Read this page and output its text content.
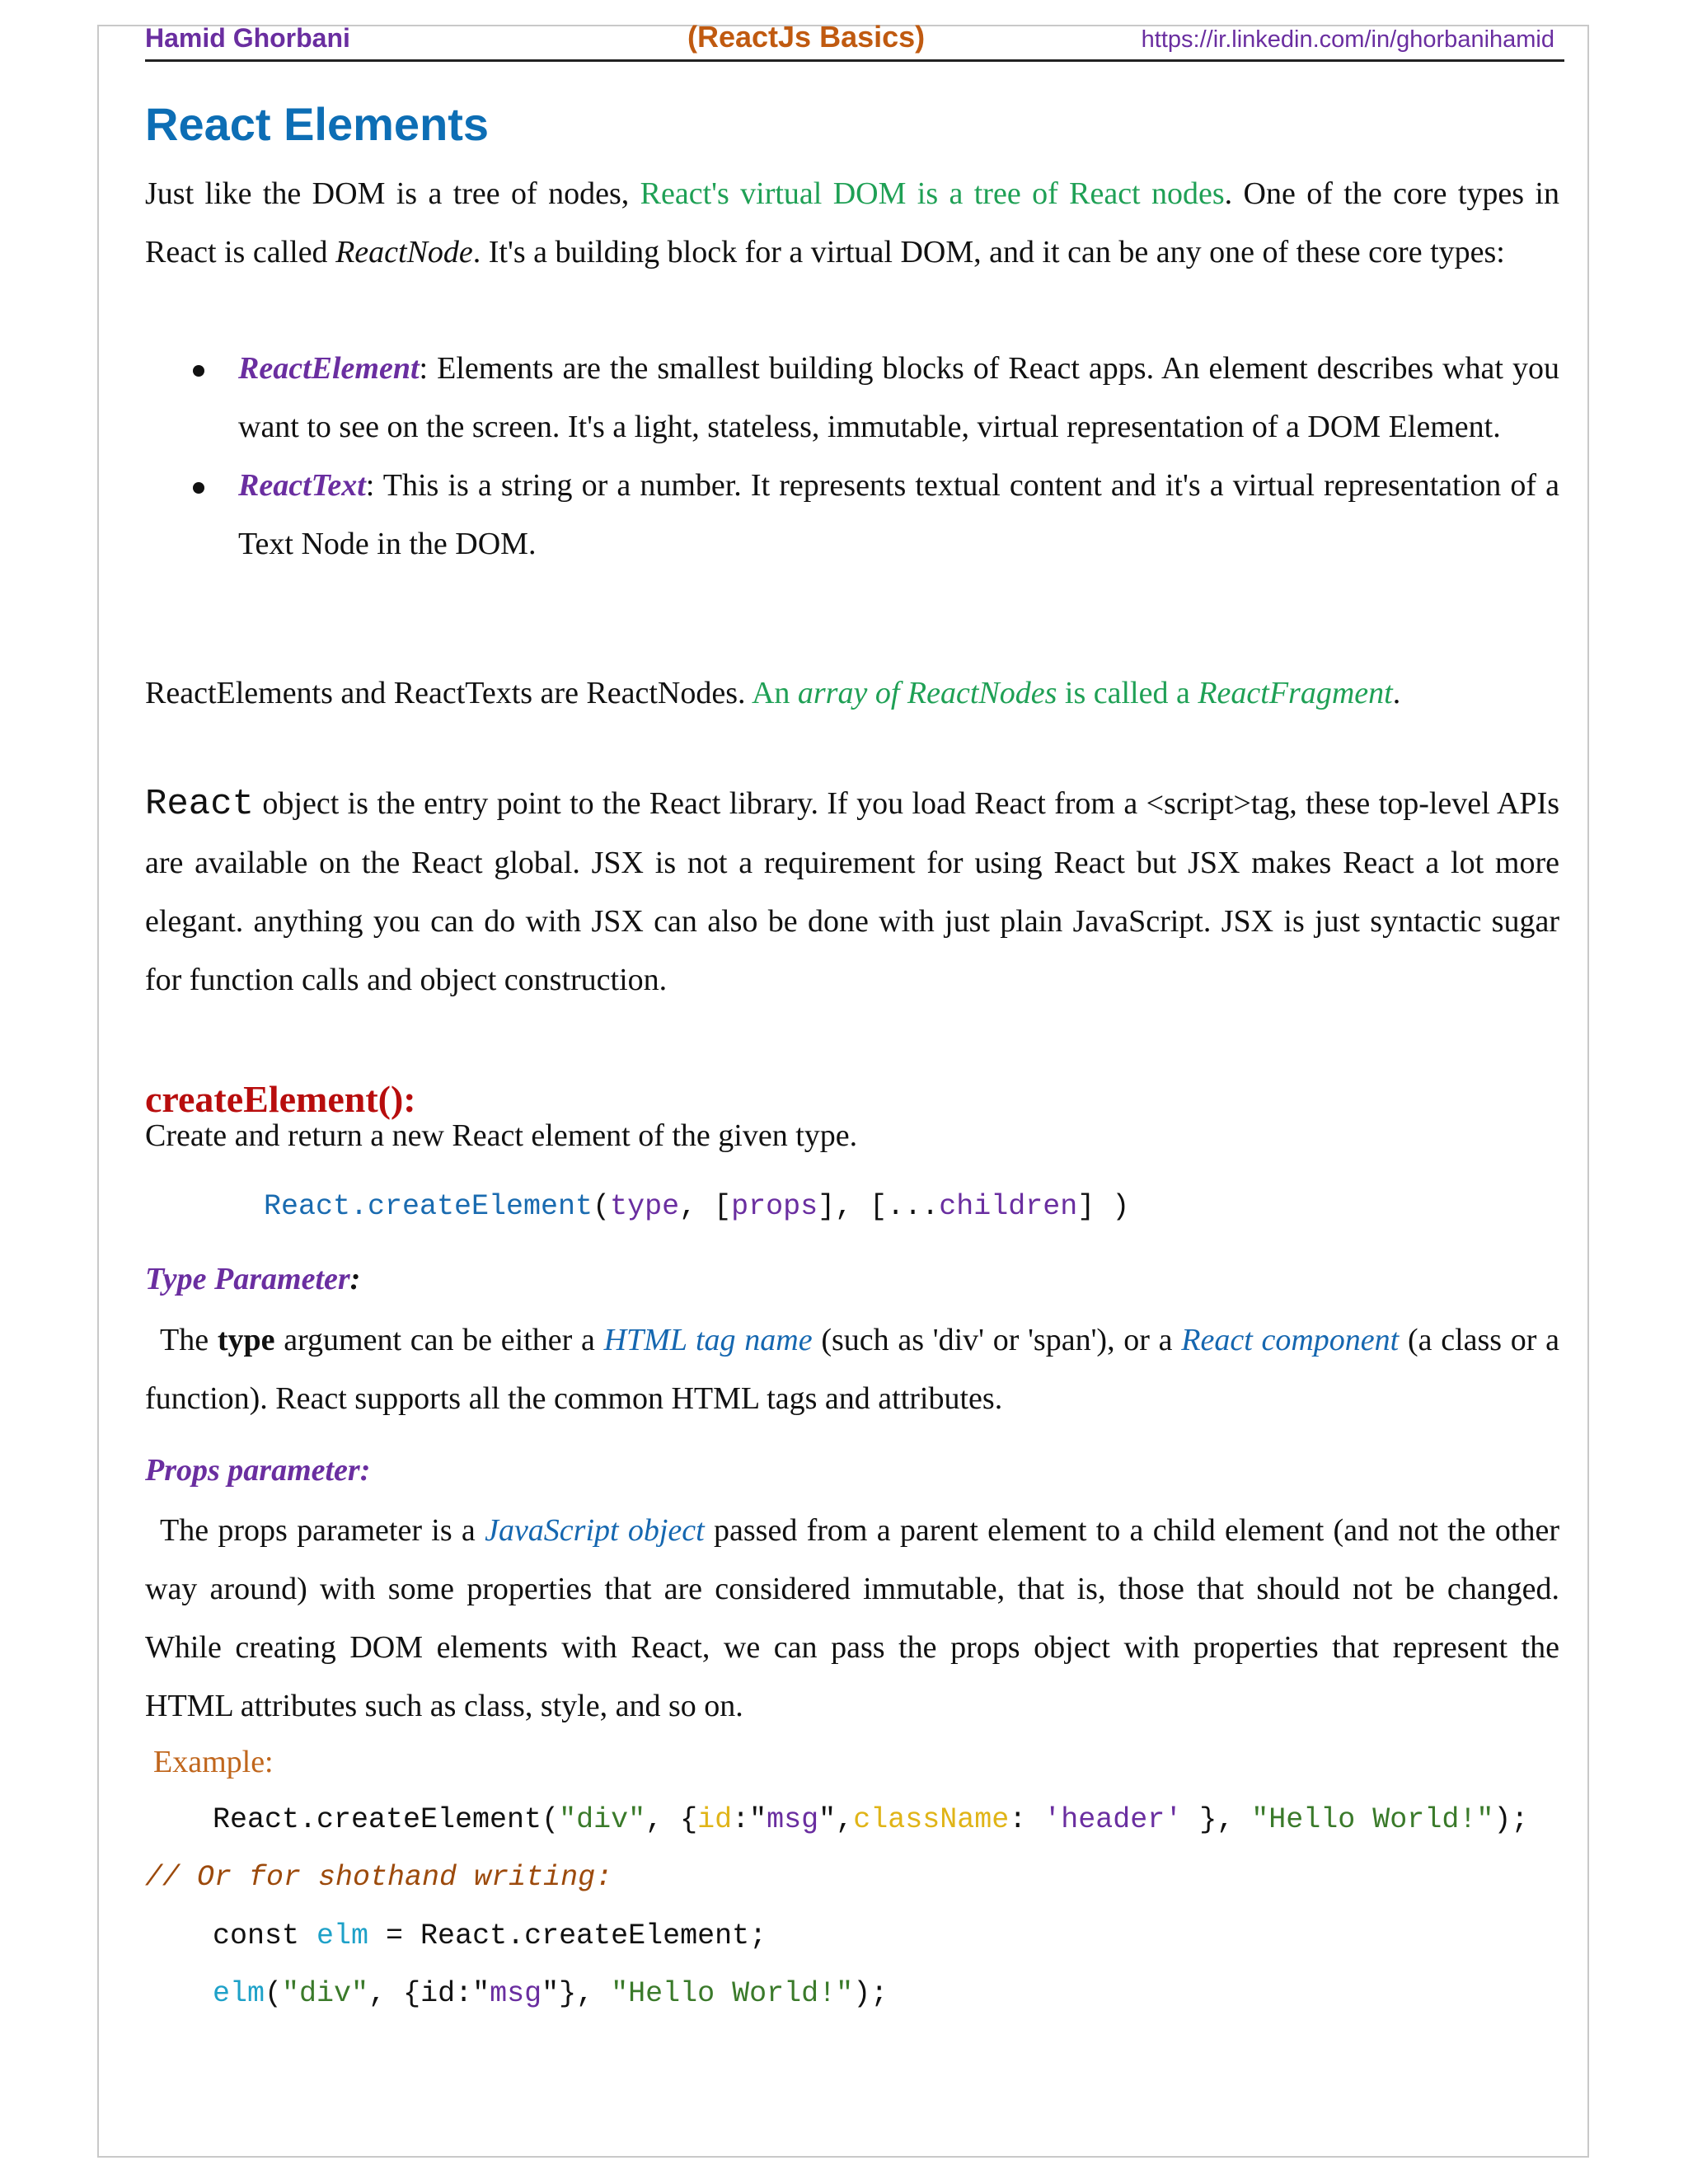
Hamid Ghorbani	(ReactJs Basics)	https://ir.linkedin.com/in/ghorbanihamid
React Elements
Just like the DOM is a tree of nodes, React's virtual DOM is a tree of React nodes. One of the core types in React is called ReactNode. It's a building block for a virtual DOM, and it can be any one of these core types:
ReactElement: Elements are the smallest building blocks of React apps. An element describes what you want to see on the screen. It's a light, stateless, immutable, virtual representation of a DOM Element.
ReactText: This is a string or a number. It represents textual content and it's a virtual representation of a Text Node in the DOM.
ReactElements and ReactTexts are ReactNodes. An array of ReactNodes is called a ReactFragment.
React object is the entry point to the React library. If you load React from a <script>tag, these top-level APIs are available on the React global. JSX is not a requirement for using React but JSX makes React a lot more elegant. anything you can do with JSX can also be done with just plain JavaScript. JSX is just syntactic sugar for function calls and object construction.
createElement():
Create and return a new React element of the given type.
React.createElement(type, [props], [...children] )
Type Parameter:
The type argument can be either a HTML tag name (such as 'div' or 'span'), or a React component (a class or a function). React supports all the common HTML tags and attributes.
Props parameter:
The props parameter is a JavaScript object passed from a parent element to a child element (and not the other way around) with some properties that are considered immutable, that is, those that should not be changed. While creating DOM elements with React, we can pass the props object with properties that represent the HTML attributes such as class, style, and so on.
Example:
React.createElement("div", {id:"msg",className: 'header' }, "Hello World!");
// Or for shothand writing:
const elm = React.createElement;
elm("div", {id:"msg"}, "Hello World!");
